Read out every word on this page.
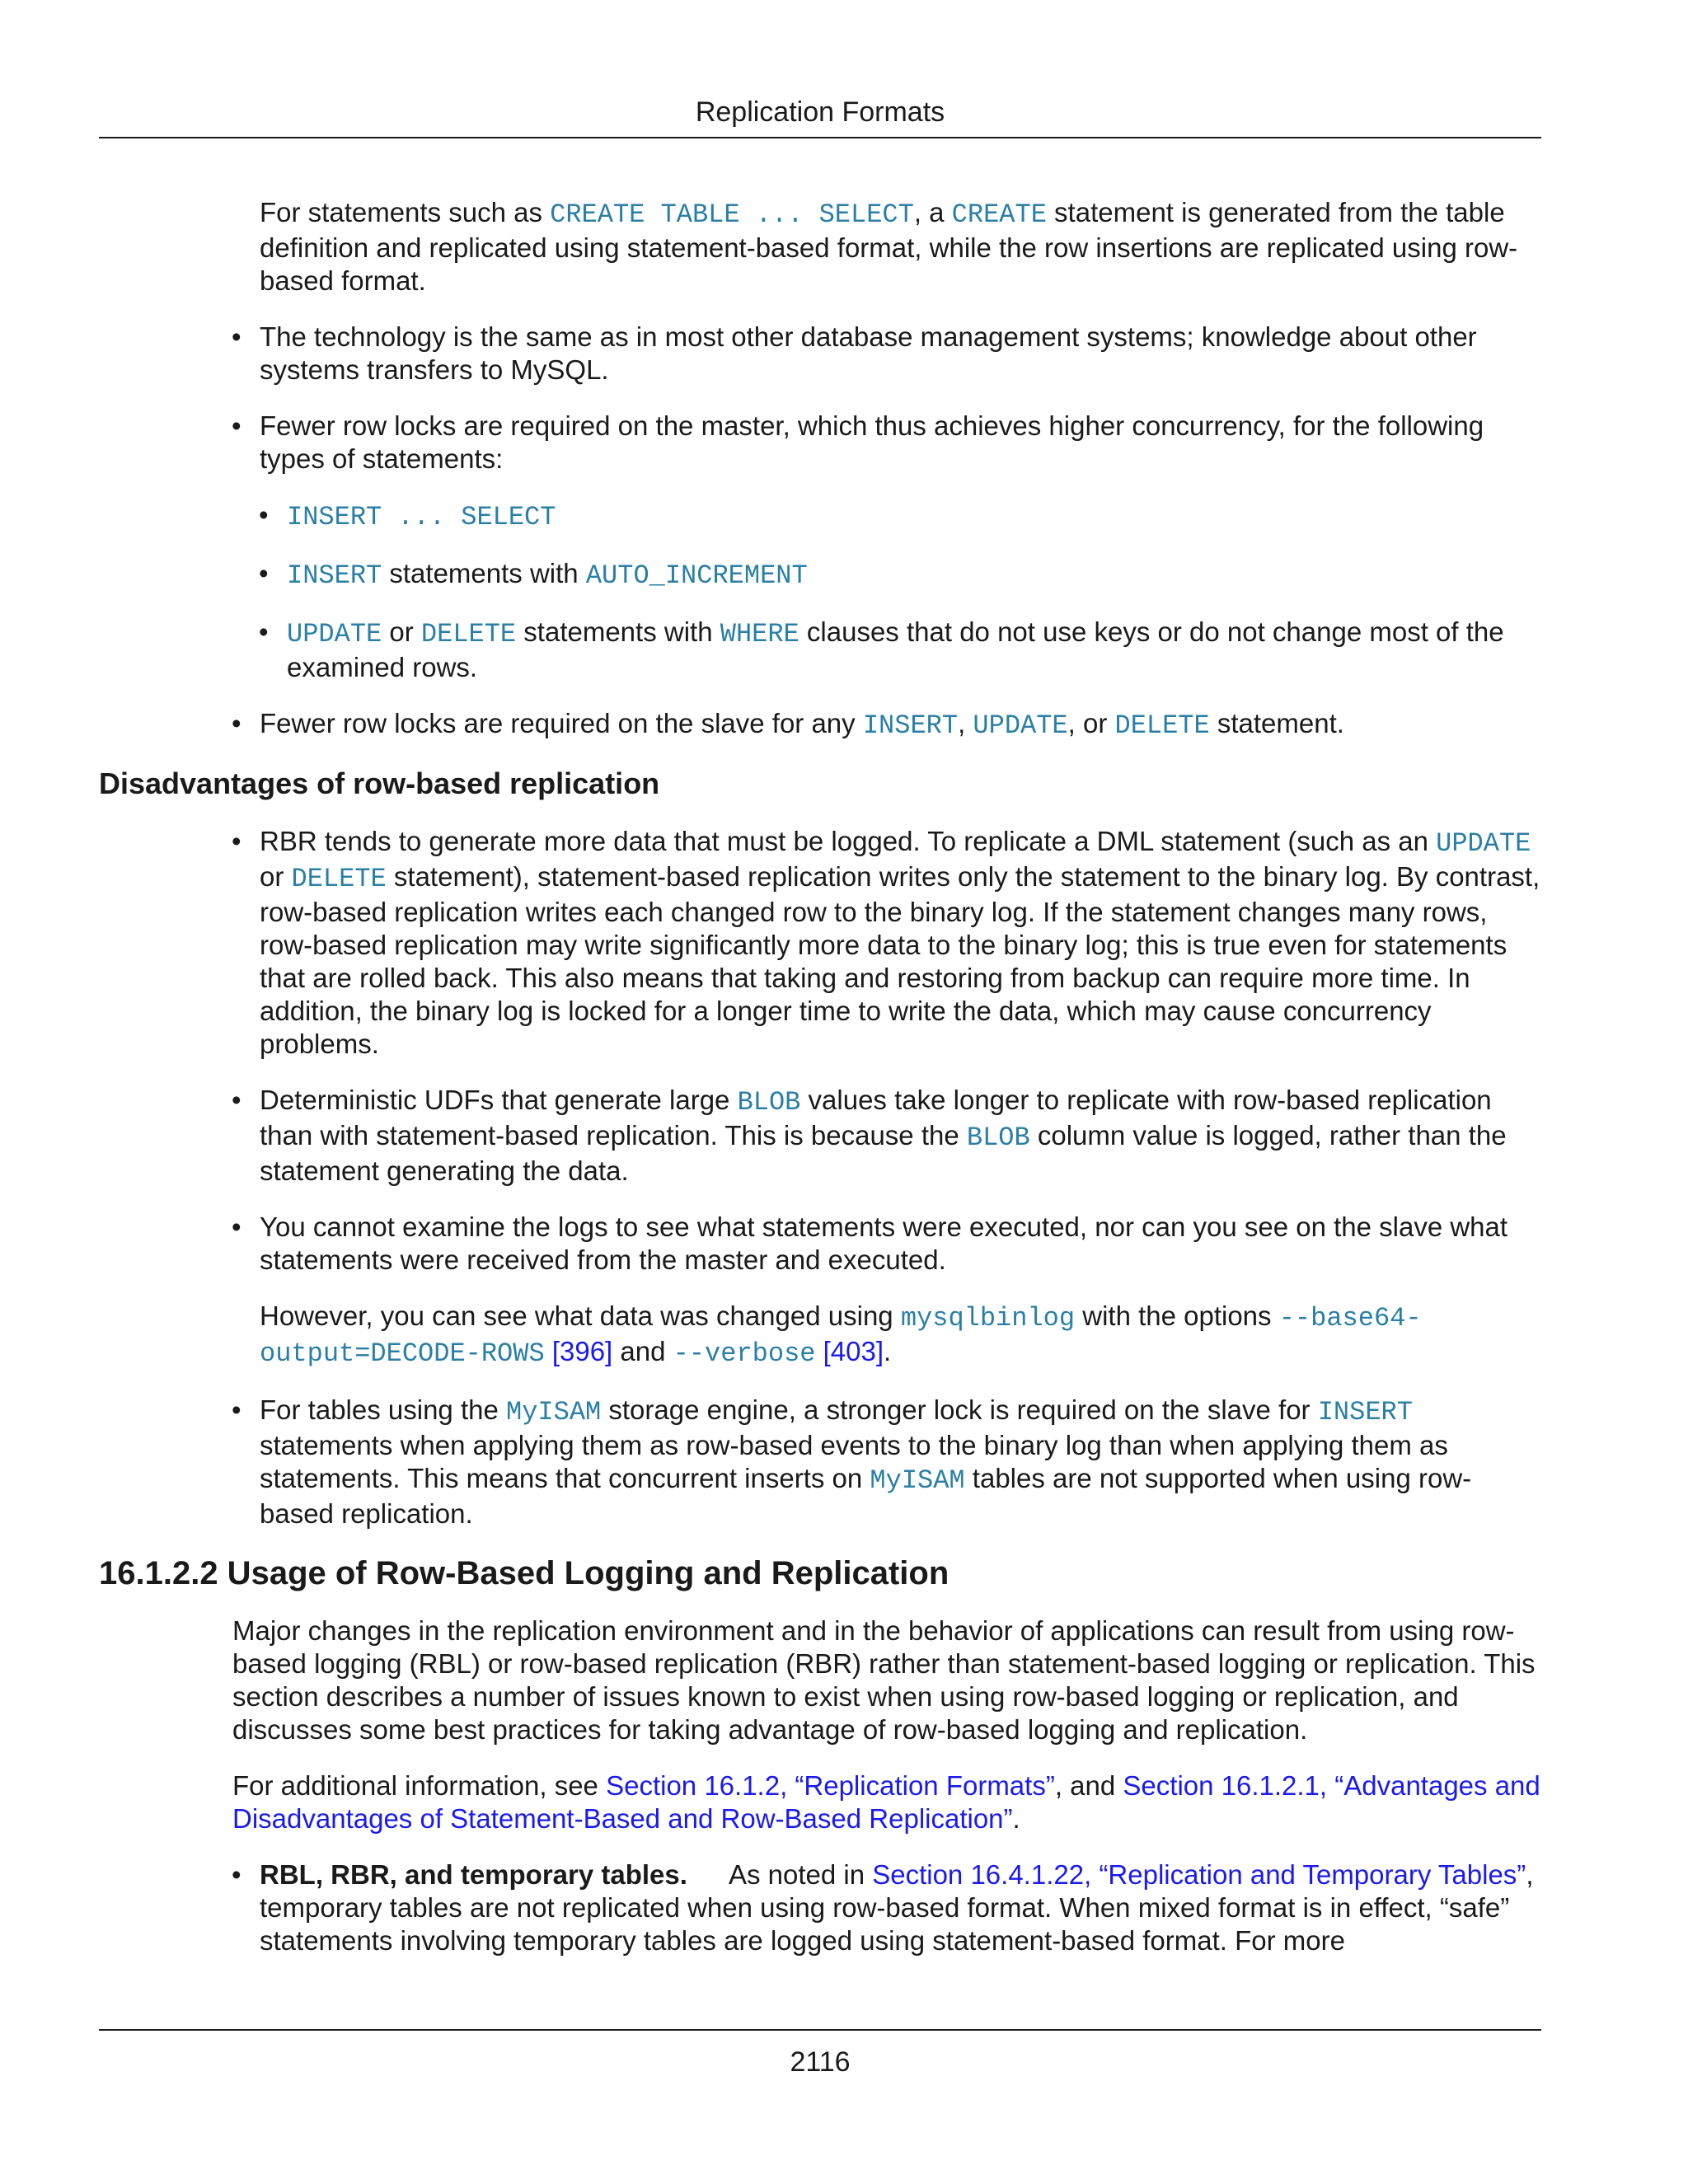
Replication Formats

For statements such as CREATE TABLE ... SELECT, a CREATE statement is generated from the table definition and replicated using statement-based format, while the row insertions are replicated using row-based format.

• The technology is the same as in most other database management systems; knowledge about other systems transfers to MySQL.

• Fewer row locks are required on the master, which thus achieves higher concurrency, for the following types of statements:

• INSERT ... SELECT

• INSERT statements with AUTO_INCREMENT

• UPDATE or DELETE statements with WHERE clauses that do not use keys or do not change most of the examined rows.

• Fewer row locks are required on the slave for any INSERT, UPDATE, or DELETE statement.

Disadvantages of row-based replication

• RBR tends to generate more data that must be logged. To replicate a DML statement (such as an UPDATE or DELETE statement), statement-based replication writes only the statement to the binary log. By contrast, row-based replication writes each changed row to the binary log. If the statement changes many rows, row-based replication may write significantly more data to the binary log; this is true even for statements that are rolled back. This also means that taking and restoring from backup can require more time. In addition, the binary log is locked for a longer time to write the data, which may cause concurrency problems.

• Deterministic UDFs that generate large BLOB values take longer to replicate with row-based replication than with statement-based replication. This is because the BLOB column value is logged, rather than the statement generating the data.

• You cannot examine the logs to see what statements were executed, nor can you see on the slave what statements were received from the master and executed.

However, you can see what data was changed using mysqlbinlog with the options --base64-output=DECODE-ROWS [396] and --verbose [403].

• For tables using the MyISAM storage engine, a stronger lock is required on the slave for INSERT statements when applying them as row-based events to the binary log than when applying them as statements. This means that concurrent inserts on MyISAM tables are not supported when using row-based replication.

16.1.2.2 Usage of Row-Based Logging and Replication

Major changes in the replication environment and in the behavior of applications can result from using row-based logging (RBL) or row-based replication (RBR) rather than statement-based logging or replication. This section describes a number of issues known to exist when using row-based logging or replication, and discusses some best practices for taking advantage of row-based logging and replication.

For additional information, see Section 16.1.2, “Replication Formats”, and Section 16.1.2.1, “Advantages and Disadvantages of Statement-Based and Row-Based Replication”.

• RBL, RBR, and temporary tables. As noted in Section 16.4.1.22, “Replication and Temporary Tables”, temporary tables are not replicated when using row-based format. When mixed format is in effect, “safe” statements involving temporary tables are logged using statement-based format. For more

2116
